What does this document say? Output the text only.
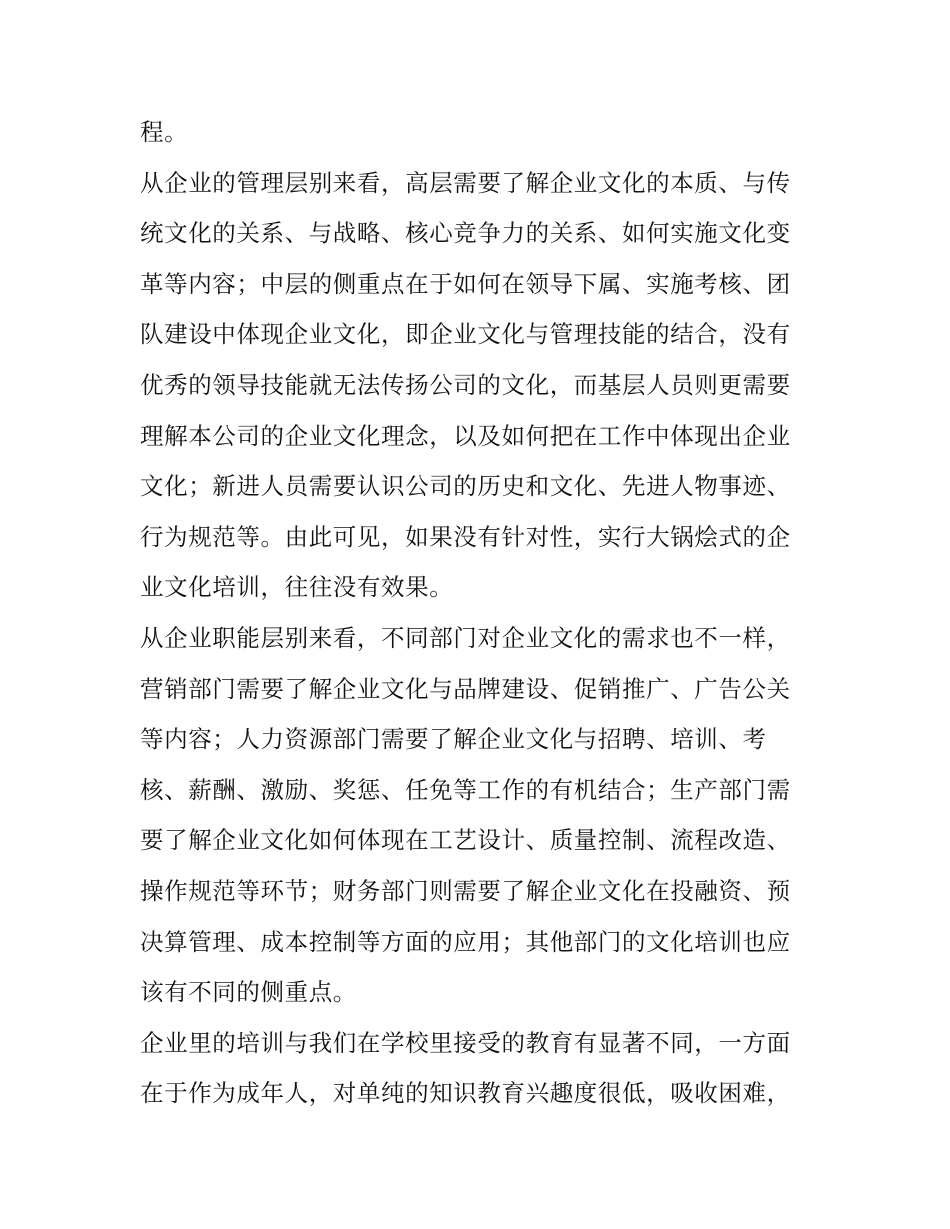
程。
从企业的管理层别来看，高层需要了解企业文化的本质、与传
统文化的关系、与战略、核心竞争力的关系、如何实施文化变
革等内容；中层的侧重点在于如何在领导下属、实施考核、团
队建设中体现企业文化，即企业文化与管理技能的结合，没有
优秀的领导技能就无法传扬公司的文化，而基层人员则更需要
理解本公司的企业文化理念，以及如何把在工作中体现出企业
文化；新进人员需要认识公司的历史和文化、先进人物事迹、
行为规范等。由此可见，如果没有针对性，实行大锅烩式的企
业文化培训，往往没有效果。
从企业职能层别来看，不同部门对企业文化的需求也不一样，
营销部门需要了解企业文化与品牌建设、促销推广、广告公关
等内容；人力资源部门需要了解企业文化与招聘、培训、考
核、薪酬、激励、奖惩、任免等工作的有机结合；生产部门需
要了解企业文化如何体现在工艺设计、质量控制、流程改造、
操作规范等环节；财务部门则需要了解企业文化在投融资、预
决算管理、成本控制等方面的应用；其他部门的文化培训也应
该有不同的侧重点。
企业里的培训与我们在学校里接受的教育有显著不同，一方面
在于作为成年人，对单纯的知识教育兴趣度很低，吸收困难，
